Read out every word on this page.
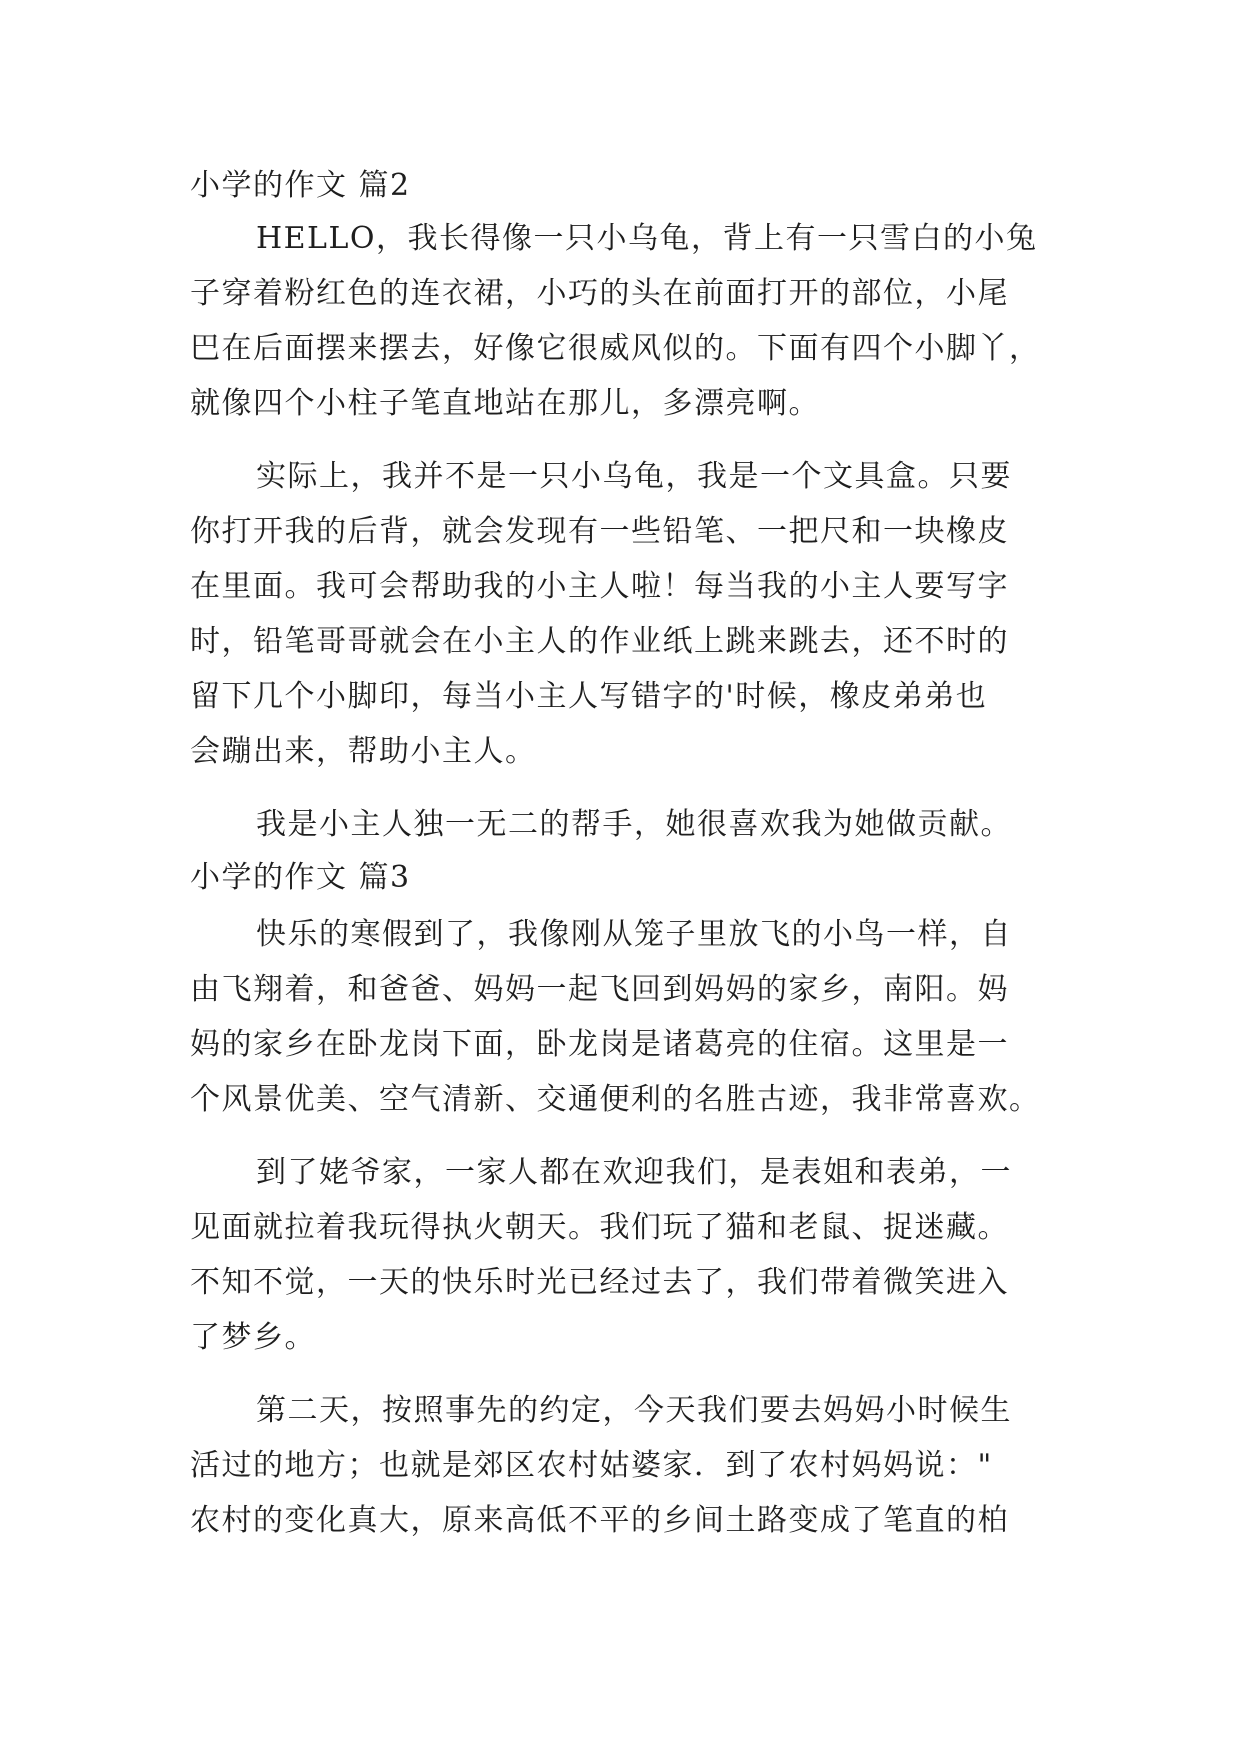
小学的作文 篇2

HELLO，我长得像一只小乌龟，背上有一只雪白的小兔

子穿着粉红色的连衣裙，小巧的头在前面打开的部位，小尾

巴在后面摆来摆去，好像它很威风似的。下面有四个小脚丫，

就像四个小柱子笔直地站在那儿，多漂亮啊。

实际上，我并不是一只小乌龟，我是一个文具盒。只要

你打开我的后背，就会发现有一些铅笔、一把尺和一块橡皮

在里面。我可会帮助我的小主人啦！每当我的小主人要写字

时，铅笔哥哥就会在小主人的作业纸上跳来跳去，还不时的

留下几个小脚印，每当小主人写错字的'时候，橡皮弟弟也

会蹦出来，帮助小主人。

我是小主人独一无二的帮手，她很喜欢我为她做贡献。

小学的作文 篇3

快乐的寒假到了，我像刚从笼子里放飞的小鸟一样，自

由飞翔着，和爸爸、妈妈一起飞回到妈妈的家乡，南阳。妈

妈的家乡在卧龙岗下面，卧龙岗是诸葛亮的住宿。这里是一

个风景优美、空气清新、交通便利的名胜古迹，我非常喜欢。

到了姥爷家，一家人都在欢迎我们，是表姐和表弟，一

见面就拉着我玩得执火朝天。我们玩了猫和老鼠、捉迷藏。

不知不觉，一天的快乐时光已经过去了，我们带着微笑进入

了梦乡。

第二天，按照事先的约定，今天我们要去妈妈小时候生

活过的地方；也就是郊区农村姑婆家．到了农村妈妈说："

农村的变化真大，原来高低不平的乡间土路变成了笔直的柏
